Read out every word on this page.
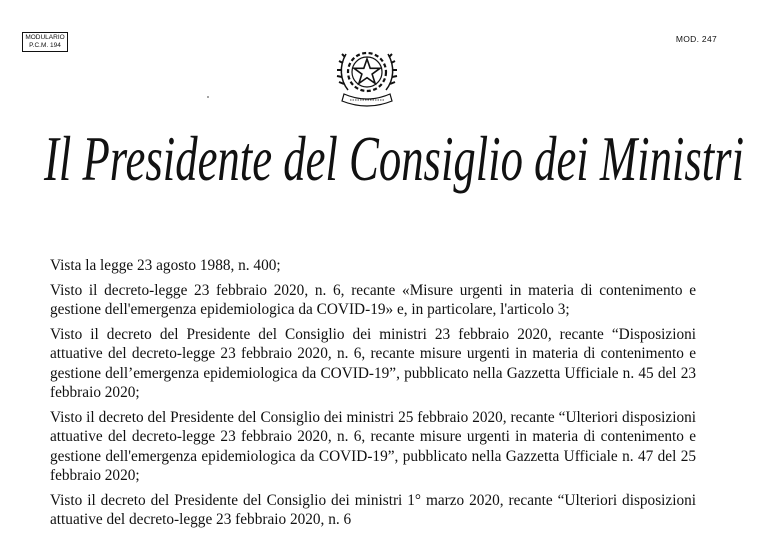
MODULARIO
P.C.M. 194
MOD. 247
Il Presidente del Consiglio dei Ministri

Vista la legge 23 agosto 1988, n. 400;

Visto il decreto-legge 23 febbraio 2020, n. 6, recante «Misure urgenti in materia di contenimento e gestione dell'emergenza epidemiologica da COVID-19» e, in particolare, l'articolo 3;

Visto il decreto del Presidente del Consiglio dei ministri 23 febbraio 2020, recante “Disposizioni attuative del decreto-legge 23 febbraio 2020, n. 6, recante misure urgenti in materia di contenimento e gestione dell’emergenza epidemiologica da COVID-19”, pubblicato nella Gazzetta Ufficiale n. 45 del 23 febbraio 2020;

Visto il decreto del Presidente del Consiglio dei ministri 25 febbraio 2020, recante “Ulteriori disposizioni attuative del decreto-legge 23 febbraio 2020, n. 6, recante misure urgenti in materia di contenimento e gestione dell'emergenza epidemiologica da COVID-19”, pubblicato nella Gazzetta Ufficiale n. 47 del 25 febbraio 2020;

Visto il decreto del Presidente del Consiglio dei ministri 1° marzo 2020, recante “Ulteriori disposizioni attuative del decreto-legge 23 febbraio 2020, n. 6
